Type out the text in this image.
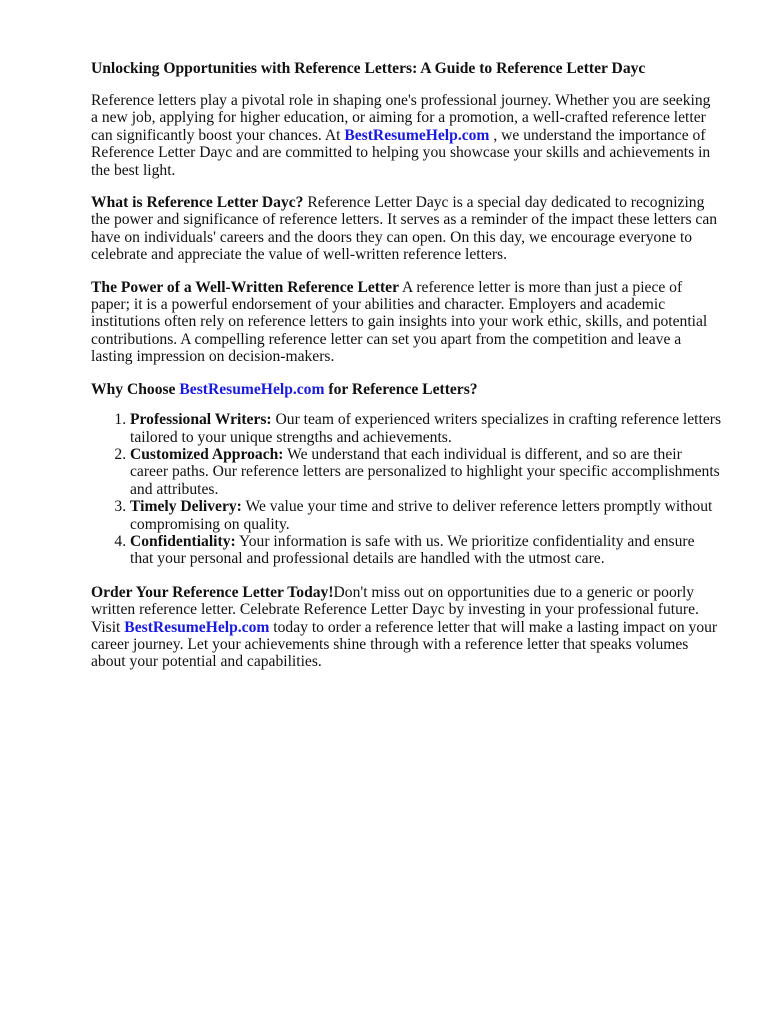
Unlocking Opportunities with Reference Letters: A Guide to Reference Letter Dayc

Reference letters play a pivotal role in shaping one's professional journey. Whether you are seeking a new job, applying for higher education, or aiming for a promotion, a well-crafted reference letter can significantly boost your chances. At BestResumeHelp.com , we understand the importance of Reference Letter Dayc and are committed to helping you showcase your skills and achievements in the best light.

What is Reference Letter Dayc? Reference Letter Dayc is a special day dedicated to recognizing the power and significance of reference letters. It serves as a reminder of the impact these letters can have on individuals' careers and the doors they can open. On this day, we encourage everyone to celebrate and appreciate the value of well-written reference letters.

The Power of a Well-Written Reference Letter A reference letter is more than just a piece of paper; it is a powerful endorsement of your abilities and character. Employers and academic institutions often rely on reference letters to gain insights into your work ethic, skills, and potential contributions. A compelling reference letter can set you apart from the competition and leave a lasting impression on decision-makers.

Why Choose BestResumeHelp.com for Reference Letters?
1. Professional Writers: Our team of experienced writers specializes in crafting reference letters tailored to your unique strengths and achievements.
2. Customized Approach: We understand that each individual is different, and so are their career paths. Our reference letters are personalized to highlight your specific accomplishments and attributes.
3. Timely Delivery: We value your time and strive to deliver reference letters promptly without compromising on quality.
4. Confidentiality: Your information is safe with us. We prioritize confidentiality and ensure that your personal and professional details are handled with the utmost care.

Order Your Reference Letter Today!Don't miss out on opportunities due to a generic or poorly written reference letter. Celebrate Reference Letter Dayc by investing in your professional future. Visit BestResumeHelp.com today to order a reference letter that will make a lasting impact on your career journey. Let your achievements shine through with a reference letter that speaks volumes about your potential and capabilities.
